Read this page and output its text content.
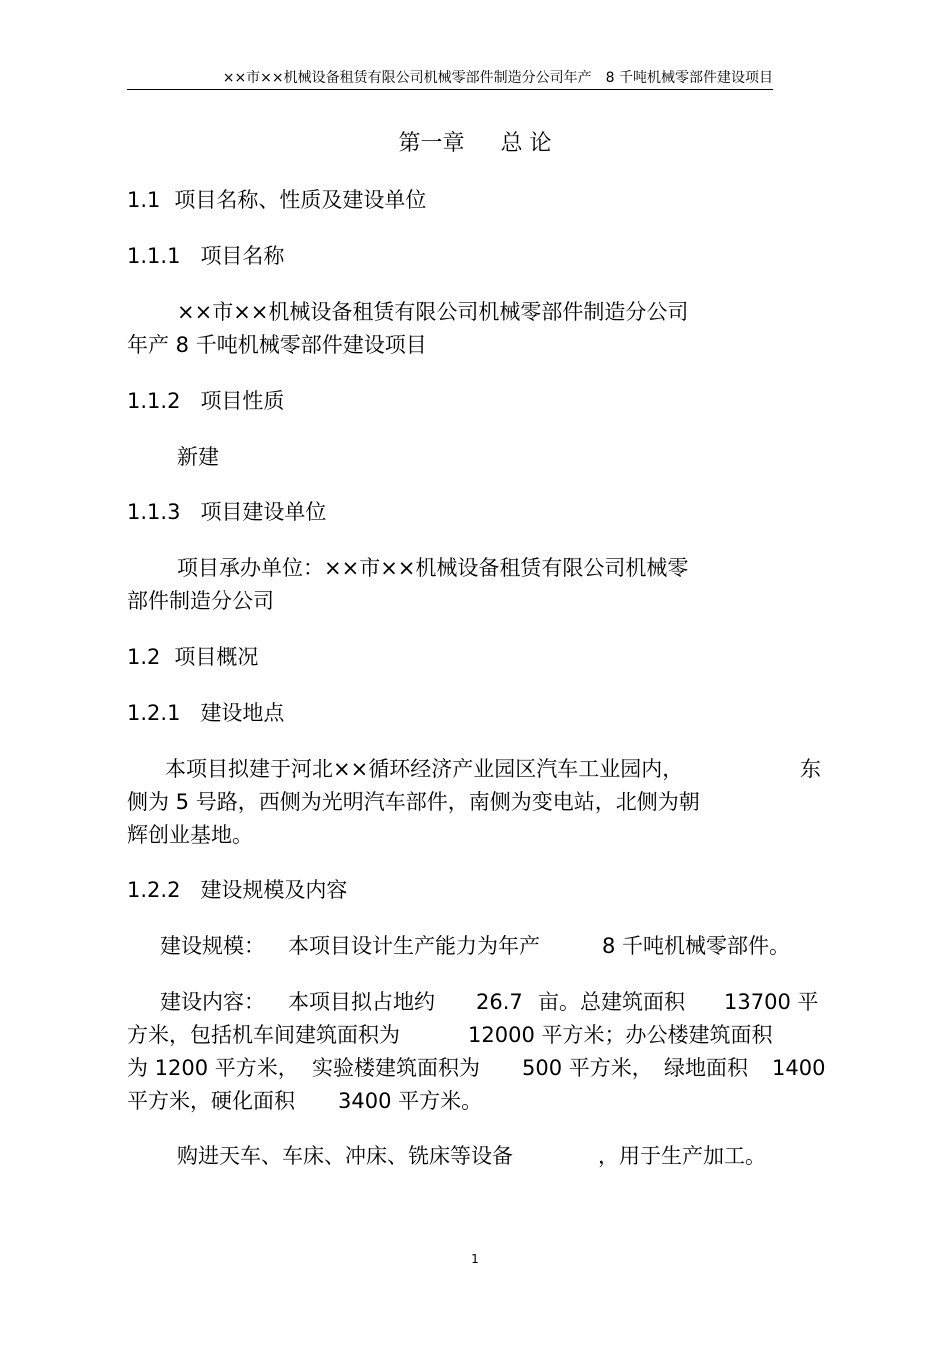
××市××机械设备租赁有限公司机械零部件制造分公司年产　8 千吨机械零部件建设项目
第一章 总 论
1.1 项目名称、性质及建设单位
1.1.1 项目名称
××市××机械设备租赁有限公司机械零部件制造分公司
年产 8 千吨机械零部件建设项目
1.1.2 项目性质
新建
1.1.3 项目建设单位
项目承办单位：××市××机械设备租赁有限公司机械零
部件制造分公司
1.2 项目概况
1.2.1 建设地点
本项目拟建于河北××循环经济产业园区汽车工业园内，	东
侧为 5 号路，西侧为光明汽车部件，南侧为变电站，北侧为朝
辉创业基地。
1.2.2 建设规模及内容
建设规模： 本项目设计生产能力为年产	8 千吨机械零部件。
建设内容： 本项目拟占地约 26.7 亩。总建筑面积 13700 平
方米，包括机车间建筑面积为	12000 平方米；办公楼建筑面积
为 1200 平方米， 实验楼建筑面积为 500 平方米， 绿地面积 1400
平方米，硬化面积 3400 平方米。
购进天车、车床、冲床、铣床等设备	，用于生产加工。
1
